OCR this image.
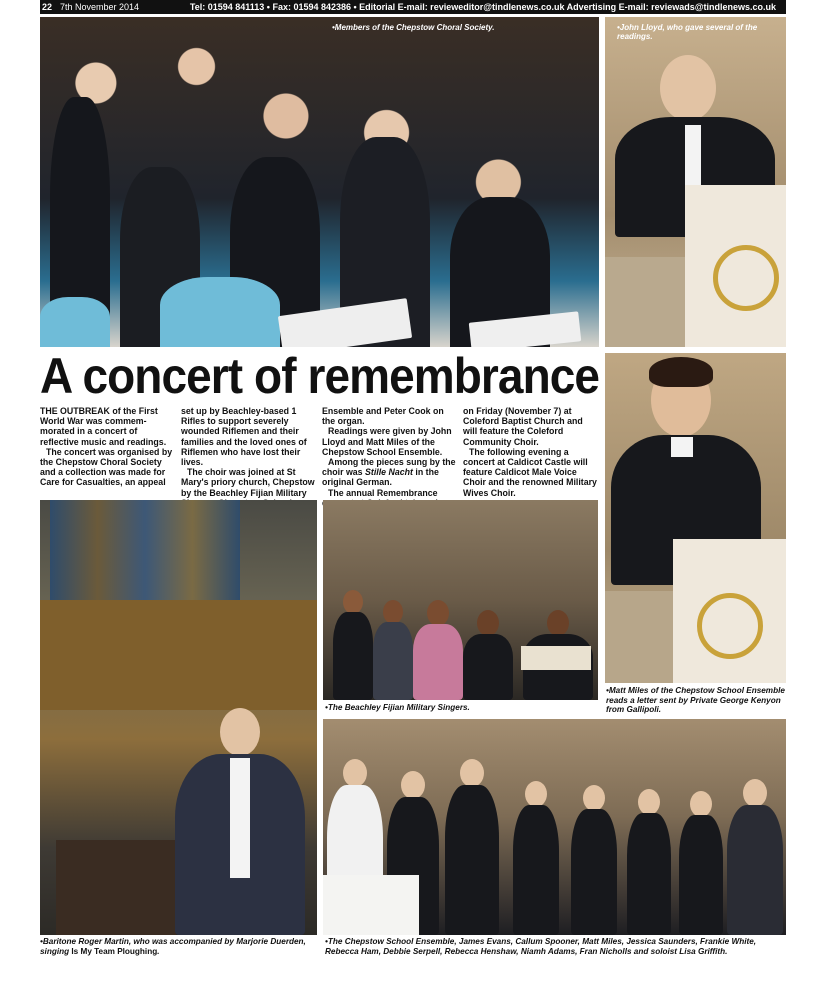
22 7th November 2014	Tel: 01594 841113 • Fax: 01594 842386 • Editorial E-mail: revieweditor@tindlenews.co.uk Advertising E-mail: reviewads@tindlenews.co.uk
•Members of the Chepstow Choral Society.	•John Lloyd, who gave several of the readings.
A concert of remembrance

THE OUTBREAK of the First World War was commem-morated in a concert of reflective music and readings.

The concert was organised by the Chepstow Choral Society and a collection was made for Care for Casualties, an appeal

set up by Beachley-based 1 Rifles to support severely wounded Riflemen and their families and the loved ones of Riflemen who have lost their lives.

The choir was joined at St Mary's priory church, Chepstow by the Beachley Fijian Military

Ensemble and Peter Cook on the organ.

Readings were given by John Lloyd and Matt Miles of the Chepstow School Ensemble.

Among the pieces sung by the choir was Stille Nacht in the original German.

The annual Remembrance

on Friday (November 7) at Coleford Baptist Church and will feature the Coleford Community Choir.

The following evening a concert at Caldicot Castle will feature Caldicot Male Voice Choir and the renowned Military Wives Choir.

•Matt Miles of the Chepstow School Ensemble reads a letter sent by Private George Kenyon from Gallipoli.
•Baritone Roger Martin, who was accompanied by Marjorie Duerden, singing Is My Team Ploughing.
•The Beachley Fijian Military Singers.
•The Chepstow School Ensemble, James Evans, Callum Spooner, Matt Miles, Jessica Saunders, Frankie White, Rebecca Ham, Debbie Serpell, Rebecca Henshaw, Niamh Adams, Fran Nicholls and soloist Lisa Griffith.
